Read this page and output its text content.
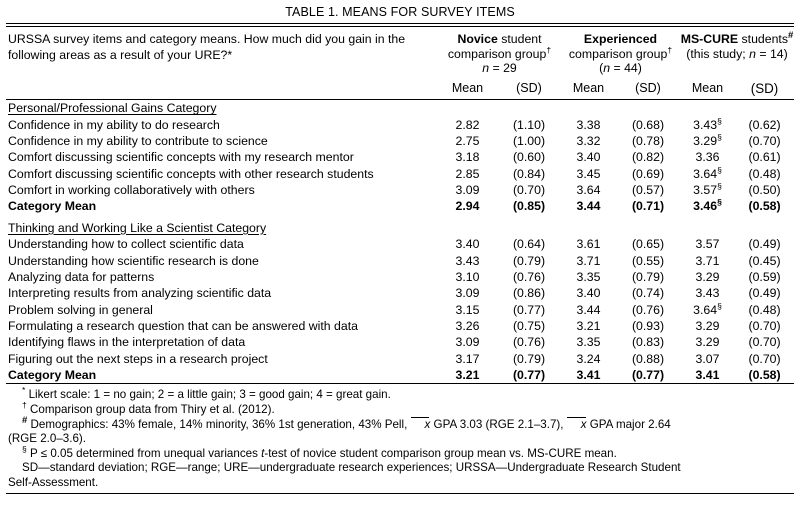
TABLE 1. MEANS FOR SURVEY ITEMS
URSSA survey items and category means. How much did you gain in the following areas as a result of your URE?*	Novice student
comparison group†
n = 29		Experienced
comparison group†
(n = 44)		MS-CURE students#
(this study; n = 14)	
	Mean	(SD)	Mean	(SD)	Mean	(SD)
Personal/Professional Gains Category						
Confidence in my ability to do research	2.82	(1.10)	3.38	(0.68)	3.43§	(0.62)
Confidence in my ability to contribute to science	2.75	(1.00)	3.32	(0.78)	3.29§	(0.70)
Comfort discussing scientific concepts with my research mentor	3.18	(0.60)	3.40	(0.82)	3.36	(0.61)
Comfort discussing scientific concepts with other research students	2.85	(0.84)	3.45	(0.69)	3.64§	(0.48)
Comfort in working collaboratively with others	3.09	(0.70)	3.64	(0.57)	3.57§	(0.50)
Category Mean	2.94	(0.85)	3.44	(0.71)	3.46§	(0.58)

Thinking and Working Like a Scientist Category						
Understanding how to collect scientific data	3.40	(0.64)	3.61	(0.65)	3.57	(0.49)
Understanding how scientific research is done	3.43	(0.79)	3.71	(0.55)	3.71	(0.45)
Analyzing data for patterns	3.10	(0.76)	3.35	(0.79)	3.29	(0.59)
Interpreting results from analyzing scientific data	3.09	(0.86)	3.40	(0.74)	3.43	(0.49)
Problem solving in general	3.15	(0.77)	3.44	(0.76)	3.64§	(0.48)
Formulating a research question that can be answered with data	3.26	(0.75)	3.21	(0.93)	3.29	(0.70)
Identifying flaws in the interpretation of data	3.09	(0.76)	3.35	(0.83)	3.29	(0.70)
Figuring out the next steps in a research project	3.17	(0.79)	3.24	(0.88)	3.07	(0.70)
Category Mean	3.21	(0.77)	3.41	(0.77)	3.41	(0.58)

* Likert scale: 1 = no gain; 2 = a little gain; 3 = good gain; 4 = great gain.

† Comparison group data from Thiry et al. (2012).

# Demographics: 43% female, 14% minority, 36% 1st generation, 43% Pell, x GPA 3.03 (RGE 2.1–3.7), x GPA major 2.64

(RGE 2.0–3.6).

§ P ≤ 0.05 determined from unequal variances t-test of novice student comparison group mean vs. MS-CURE mean.

SD—standard deviation; RGE—range; URE—undergraduate research experiences; URSSA—Undergraduate Research Student

Self-Assessment.
